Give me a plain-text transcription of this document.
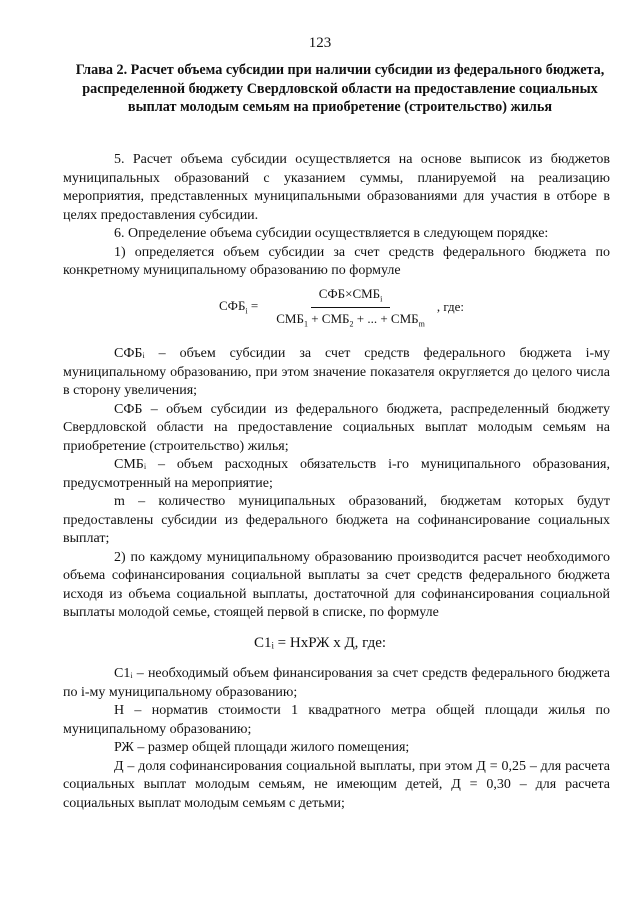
123
Глава 2. Расчет объема субсидии при наличии субсидии из федерального бюджета, распределенной бюджету Свердловской области на предоставление социальных выплат молодым семьям на приобретение (строительство) жилья

5. Расчет объема субсидии осуществляется на основе выписок из бюджетов муниципальных образований с указанием суммы, планируемой на реализацию мероприятия, представленных муниципальными образованиями для участия в отборе в целях предоставления субсидии.

6. Определение объема субсидии осуществляется в следующем порядке:

1) определяется объем субсидии за счет средств федерального бюджета по конкретному муниципальному образованию по формуле

$СФБ_i = \frac{СФБ\times СМБ_i}{СМБ_1 + СМБ_2 + ... + СМБ_m}$ , где:

СФБᵢ – объем субсидии за счет средств федерального бюджета i-му муниципальному образованию, при этом значение показателя округляется до целого числа в сторону увеличения;

СФБ – объем субсидии из федерального бюджета, распределенный бюджету Свердловской области на предоставление социальных выплат молодым семьям на приобретение (строительство) жилья;

СМБᵢ – объем расходных обязательств i-го муниципального образования, предусмотренный на мероприятие;

m – количество муниципальных образований, бюджетам которых будут предоставлены субсидии из федерального бюджета на софинансирование социальных выплат;

2) по каждому муниципальному образованию производится расчет необходимого объема софинансирования социальной выплаты за счет средств федерального бюджета исходя из объема социальной выплаты, достаточной для софинансирования социальной выплаты молодой семье, стоящей первой в списке, по формуле

С1ᵢ = НхРЖ х Д, где:

С1ᵢ – необходимый объем финансирования за счет средств федерального бюджета по i-му муниципальному образованию;

Н – норматив стоимости 1 квадратного метра общей площади жилья по муниципальному образованию;

РЖ – размер общей площади жилого помещения;

Д – доля софинансирования социальной выплаты, при этом Д = 0,25 – для расчета социальных выплат молодым семьям, не имеющим детей, Д = 0,30 – для расчета социальных выплат молодым семьям с детьми;
